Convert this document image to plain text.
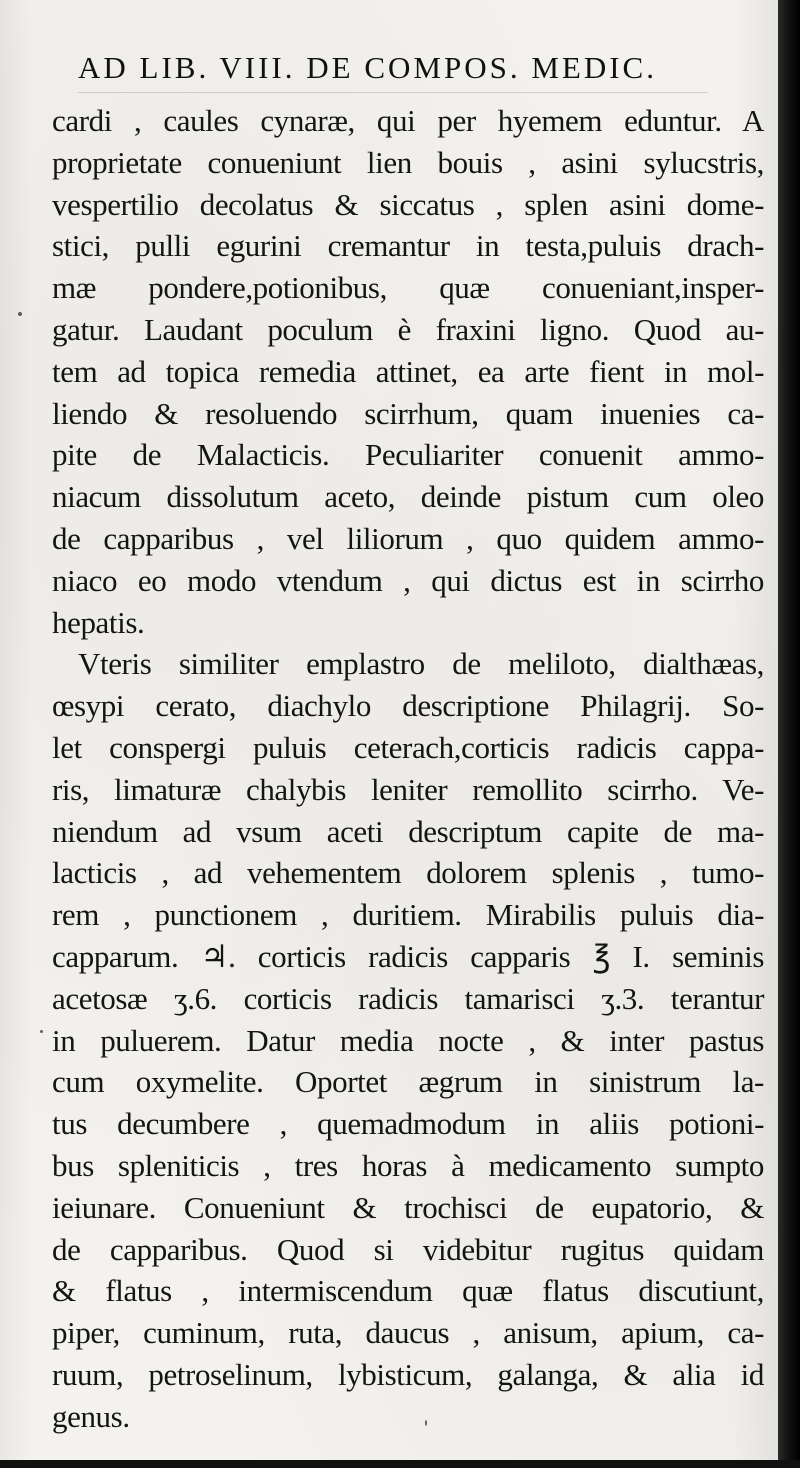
AD LIB. VIII. DE COMPOS. MEDIC.
cardi , caules cynaræ, qui per hyemem eduntur. A
proprietate conueniunt lien bouis , asini sylucstris,
vespertilio decolatus & siccatus , splen asini dome-
stici, pulli egurini cremantur in testa,puluis drach-
mæ pondere,potionibus, quæ conueniant,insper-
gatur. Laudant poculum è fraxini ligno. Quod au-
tem ad topica remedia attinet, ea arte fient in mol-
liendo & resoluendo scirrhum, quam inuenies ca-
pite de Malacticis. Peculiariter conuenit ammo-
niacum dissolutum aceto, deinde pistum cum oleo
de capparibus , vel liliorum , quo quidem ammo-
niaco eo modo vtendum , qui dictus est in scirrho
hepatis.
Vteris similiter emplastro de meliloto, dialthæas,
œsypi cerato, diachylo descriptione Philagrij. So-
let conspergi puluis ceterach,corticis radicis cappa-
ris, limaturæ chalybis leniter remollito scirrho. Ve-
niendum ad vsum aceti descriptum capite de ma-
lacticis , ad vehementem dolorem splenis , tumo-
rem , punctionem , duritiem. Mirabilis puluis dia-
capparum. ♃. corticis radicis capparis ℥ I. seminis
acetosæ ʒ.6. corticis radicis tamarisci ʒ.3. terantur
in puluerem. Datur media nocte , & inter pastus
cum oxymelite. Oportet ægrum in sinistrum la-
tus decumbere , quemadmodum in aliis potioni-
bus spleniticis , tres horas à medicamento sumpto
ieiunare. Conueniunt & trochisci de eupatorio, &
de capparibus. Quod si videbitur rugitus quidam
& flatus , intermiscendum quæ flatus discutiunt,
piper, cuminum, ruta, daucus , anisum, apium, ca-
ruum, petroselinum, lybisticum, galanga, & alia id
genus.
